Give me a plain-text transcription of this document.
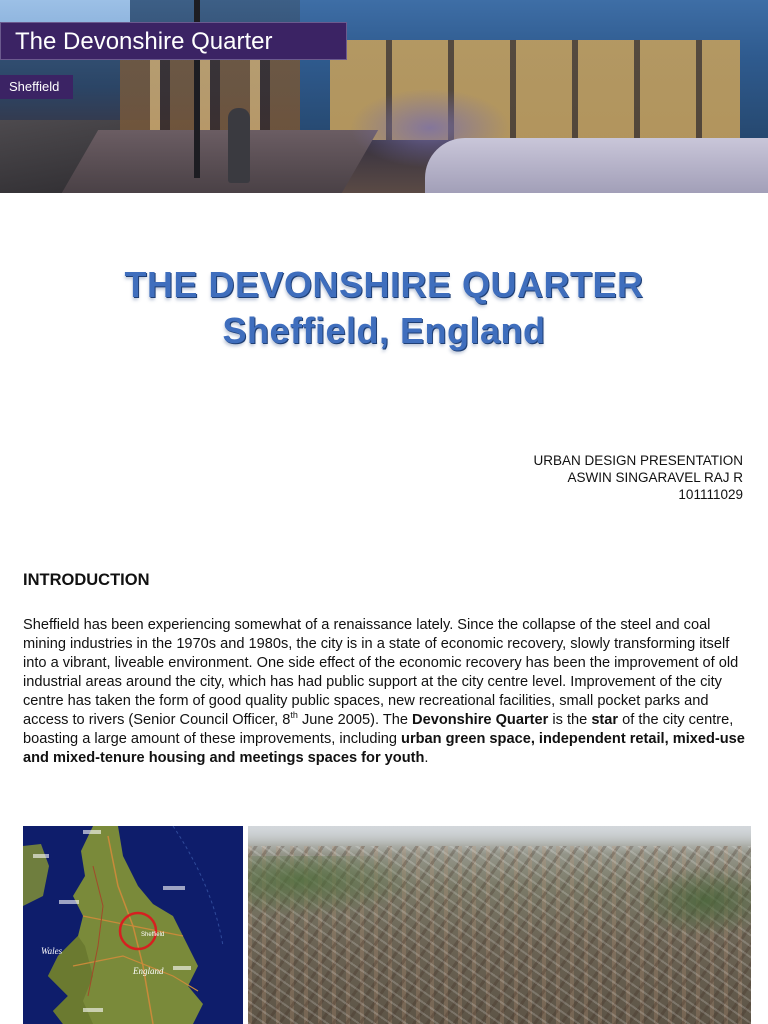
The Devonshire Quarter
Sheffield
THE DEVONSHIRE QUARTER
Sheffield, England
URBAN DESIGN PRESENTATION
ASWIN SINGARAVEL RAJ R
101111029
INTRODUCTION
Sheffield has been experiencing somewhat of a renaissance lately. Since the collapse of the steel and coal mining industries in the 1970s and 1980s, the city is in a state of economic recovery, slowly transforming itself into a vibrant, liveable environment. One side effect of the economic recovery has been the improvement of old industrial areas around the city, which has had public support at the city centre level. Improvement of the city centre has taken the form of good quality public spaces, new recreational facilities, small pocket parks and access to rivers (Senior Council Officer, 8th June 2005). The Devonshire Quarter is the star of the city centre, boasting a large amount of these improvements, including urban green space, independent retail, mixed-use and mixed-tenure housing and meetings spaces for youth.
Sheffield
Wales
England
